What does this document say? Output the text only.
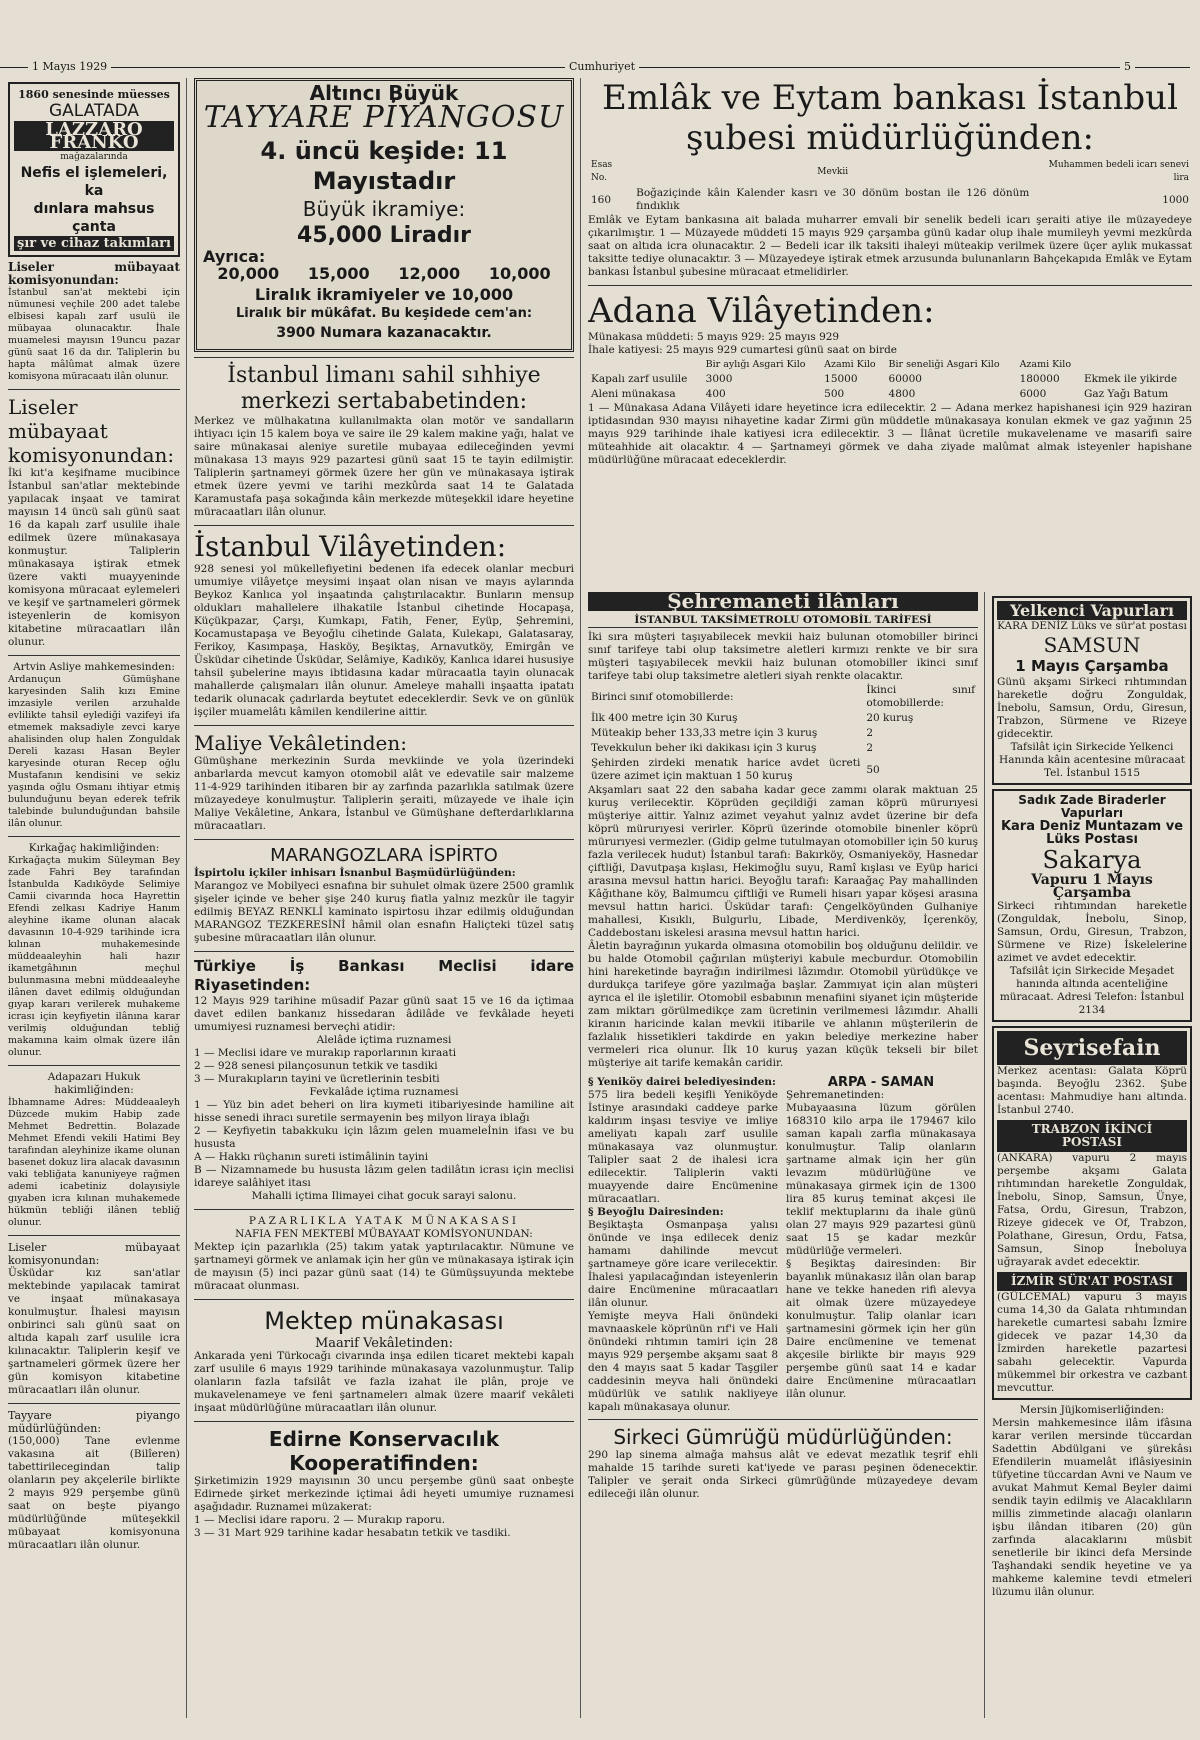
1 Mayıs 1929	Cumhuriyet	5
1860 senesinde müesses
GALATADA
LAZZARO FRANKO
mağazalarında
Nefis el işlemeleri, ka
dınlara mahsus çanta
şır ve cihaz takımları
Liseler mübayaat komisyonundan:
İstanbul san'at mektebi için nümunesi veçhile 200 adet talebe elbisesi kapalı zarf usulü ile mübayaa olunacaktır. İhale muamelesi mayısın 19uncu pazar günü saat 16 da dır. Taliplerin bu hapta mâlûmat almak üzere komisyona müracaatı ilân olunur.
Liseler mübayaat komisyonundan:
İki kıt'a keşifname mucibince İstanbul san'atlar mektebinde yapılacak inşaat ve tamirat mayısın 14 üncü salı günü saat 16 da kapalı zarf usulile ihale edilmek üzere münakasaya konmuştur. Taliplerin münakasaya iştirak etmek üzere vakti muayyeninde komisyona müracaat eylemeleri ve keşif ve şartnameleri görmek isteyenlerin de komisyon kitabetine müracaatları ilân olunur.
Artvin Asliye mahkemesinden:
Ardanuçun Gümüşhane karyesinden Salih kızı Emine imzasiyle verilen arzuhalde evlilikte tahsil eylediği vazifeyi ifa etmemek maksadiyle zevci karye ahalisinden olup halen Zonguldak Dereli kazası Hasan Beyler karyesinde oturan Recep oğlu Mustafanın kendisini ve sekiz yaşında oğlu Osmanı ihtiyar etmiş bulunduğunu beyan ederek tefrik talebinde bulunduğundan bahsile ilân olunur.
Kırkağaç hakimliğinden:
Kırkağaçta mukim Süleyman Bey zade Fahri Bey tarafından İstanbulda Kadıköyde Selimiye Camii civarında hoca Hayrettin Efendi zelkası Kadriye Hanım aleyhine ikame olunan alacak davasının 10-4-929 tarihinde icra kılınan muhakemesinde müddeaaleyhin hali hazır ikametgâhının meçhul bulunmasına mebni müddeaaleyhe ilânen davet edilmiş olduğundan gıyap kararı verilerek muhakeme icrası için keyfiyetin ilânına karar verilmiş olduğundan tebliğ makamına kaim olmak üzere ilân olunur.
Adapazarı Hukuk hakimliğinden:
İbhamname Adres: Müddeaaleyh Düzcede mukim Habip zade Mehmet Bedrettin. Bolazade Mehmet Efendi vekili Hatimi Bey tarafından aleyhinize ikame olunan basenet dokuz lira alacak davasının vaki tebliğata kanuniyeye rağmen ademi icabetiniz dolayısiyle gıyaben icra kılınan muhakemede hükmün tebliği ilânen tebliğ olunur.
Liseler mübayaat komisyonundan:
Üsküdar kız san'atlar mektebinde yapılacak tamirat ve inşaat münakasaya konulmuştur. İhalesi mayısın onbirinci salı günü saat on altıda kapalı zarf usulile icra kılınacaktır. Taliplerin keşif ve şartnameleri görmek üzere her gün komisyon kitabetine müracaatları ilân olunur.
Tayyare piyango müdürlüğünden:
(150,000) Tane evlenme vakasına ait (Bilîeren) tabettirilecegindan talip olanların pey akçelerile birlikte 2 mayıs 929 perşembe günü saat on beşte piyango müdürlüğünde müteşekkil mübayaat komisyonuna müracaatları ilân olunur.
Altıncı Büyük
TAYYARE PİYANGOSU
4. üncü keşide: 11 Mayıstadır
Büyük ikramiye:
45,000 Liradır
Ayrıca:
20,000 15,000 12,000 10,000
Liralık ikramiyeler ve 10,000
Liralık bir mükâfat. Bu keşidede cem'an:
3900 Numara kazanacaktır.
İstanbul limanı sahil sıhhiye merkezi sertababetinden:
Merkez ve mülhakatına kullanılmakta olan motör ve sandalların ihtiyacı için 15 kalem boya ve saire ile 29 kalem makine yağı, halat ve saire münakasai aleniye suretile mubayaa edileceğinden yevmi münakasa 13 mayıs 929 pazartesi günü saat 15 te tayin edilmiştir. Taliplerin şartnameyi görmek üzere her gün ve münakasaya iştirak etmek üzere yevmi ve tarihi mezkûrda saat 14 te Galatada Karamustafa paşa sokağında kâin merkezde müteşekkil idare heyetine müracaatları ilân olunur.
İstanbul Vilâyetinden:
928 senesi yol mükellefiyetini bedenen ifa edecek olanlar mecburi umumiye vilâyetçe meysimi inşaat olan nisan ve mayıs aylarında Beykoz Kanlıca yol inşaatında çalıştırılacaktır. Bunların mensup oldukları mahallelere ilhakatile İstanbul cihetinde Hocapaşa, Küçükpazar, Çarşı, Kumkapı, Fatih, Fener, Eyüp, Şehremini, Kocamustapaşa ve Beyoğlu cihetinde Galata, Kulekapı, Galatasaray, Ferikoy, Kasımpaşa, Hasköy, Beşiktaş, Arnavutköy, Emirgân ve Üsküdar cihetinde Üsküdar, Selâmiye, Kadıköy, Kanlıca idarei hususiye tahsil şubelerine mayıs ibtidasına kadar müracaatla tayin olunacak mahallerde çalışmaları ilân olunur. Ameleye mahalli inşaatta ipatatı tedarik olunacak çadırlarda beytutet edeceklerdir. Sevk ve on günlük işçiler muamelâtı kâmilen kendilerine aittir.
Maliye Vekâletinden:
Gümüşhane merkezinin Surda mevkiinde ve yola üzerindeki anbarlarda mevcut kamyon otomobil alât ve edevatile sair malzeme 11-4-929 tarihinden itibaren bir ay zarfında pazarlıkla satılmak üzere müzayedeye konulmuştur. Taliplerin şeraiti, müzayede ve ihale için Maliye Vekâletine, Ankara, İstanbul ve Gümüşhane defterdarlıklarına müracaatları.
MARANGOZLARA İSPİRTO
İspirtolu içkiler inhisarı İsnanbul Başmüdürlüğünden:
Marangoz ve Mobilyeci esnafına bir suhulet olmak üzere 2500 gramlık şişeler içinde ve beher şişe 240 kuruş fiatla yalnız mezkûr ile tagyir edilmiş BEYAZ RENKLİ kaminato ispirtosu ihzar edilmiş olduğundan MARANGOZ TEZKERESİNİ hâmil olan esnafın Haliçteki tüzel satış şubesine müracaatları ilân olunur.
Türkiye İş Bankası Meclisi idare Riyasetinden:
12 Mayıs 929 tarihine müsadif Pazar günü saat 15 ve 16 da içtimaa davet edilen bankanız hissedaran âdilâde ve fevkâlade heyeti umumiyesi ruznamesi berveçhi atidir:
Alelâde içtima ruznamesi
1 — Meclisi idare ve murakıp raporlarının kıraati
2 — 928 senesi pilançosunun tetkik ve tasdiki
3 — Murakıpların tayini ve ücretlerinin tesbiti
Fevkalâde içtima ruznamesi
1 — Yüz bin adet beheri on lira kıymeti itibariyesinde hamiline ait hisse senedi ihracı suretile sermayenin beş milyon liraya iblağı
2 — Keyfiyetin tabakkuku için lâzım gelen muameleİnin ifası ve bu hususta
A — Hakkı rüçhanın sureti istimâlinin tayini
B — Nizamnamede bu hususta lâzım gelen tadilâtın icrası için meclisi idareye salâhiyet itası
Mahalli içtima Ilimayei cihat gocuk sarayi salonu.
PAZARLIKLA YATAK MÜNAKASASI
NAFIA FEN MEKTEBİ MÜBAYAAT KOMİSYONUNDAN:
Mektep için pazarlıkla (25) takım yatak yaptırılacaktır. Nümune ve şartnameyi görmek ve anlamak için her gün ve münakasaya iştirak için de mayısın (5) inci pazar günü saat (14) te Gümüşsuyunda mektebe müracaat olunması.
Mektep münakasası
Maarif Vekâletinden:
Ankarada yeni Türkocağı civarında inşa edilen ticaret mektebi kapalı zarf usulile 6 mayıs 1929 tarihinde münakasaya vazolunmuştur. Talip olanların fazla tafsilât ve fazla izahat ile plân, proje ve mukavelenameye ve feni şartnamelerı almak üzere maarif vekâleti inşaat müdürlüğüne müracaatları ilân olunur.
Edirne Konservacılık Kooperatifinden:
Şirketimizin 1929 mayısının 30 uncu perşembe günü saat onbeşte Edirnede şirket merkezinde içtimai âdi heyeti umumiye ruznamesi aşağıdadır. Ruznamei müzakerat:
1 — Meclisi idare raporu. 2 — Murakıp raporu.
3 — 31 Mart 929 tarihine kadar hesabatın tetkik ve tasdiki.
Emlâk ve Eytam bankası İstanbul şubesi müdürlüğünden:
Esas No.	Mevkii	Muhammen bedeli icarı senevi lira
160	Boğaziçinde kâin Kalender kasrı ve 30 dönüm bostan ile 126 dönüm fındıklık	1000
Emlâk ve Eytam bankasına ait balada muharrer emvali bir senelik bedeli icarı şeraiti atiye ile müzayedeye çıkarılmıştır. 1 — Müzayede müddeti 15 mayıs 929 çarşamba günü kadar olup ihale mumileyh yevmi mezkûrda saat on altıda icra olunacaktır. 2 — Bedeli icar ilk taksiti ihaleyi müteakip verilmek üzere üçer aylık mukassat taksitte tediye olunacaktır. 3 — Müzayedeye iştirak etmek arzusunda bulunanların Bahçekapıda Emlâk ve Eytam bankası İstanbul şubesine müracaat etmelidirler.
Adana Vilâyetinden:
Münakasa müddeti: 5 mayıs 929: 25 mayıs 929
İhale katiyesi: 25 mayıs 929 cumartesi günü saat on birde
	Bir aylığı Asgari Kilo	Azami Kilo	Bir seneliği Asgari Kilo	Azami Kilo	
Kapalı zarf usulile	3000	15000	60000	180000	Ekmek ile yikirde
Aleni münakasa	400	500	4800	6000	Gaz Yağı Batum
1 — Münakasa Adana Vilâyeti idare heyetince icra edilecektir. 2 — Adana merkez hapishanesi için 929 haziran iptidasından 930 mayısı nihayetine kadar Zirmi gün müddetle münakasaya konulan ekmek ve gaz yağının 25 mayıs 929 tarihinde ihale katiyesi icra edilecektir. 3 — İlânat ücretile mukavelename ve masarifi saire müteahhide ait olacaktır. 4 — Şartnameyi görmek ve daha ziyade malûmat almak isteyenler hapishane müdürlüğüne müracaat edeceklerdir.
Şehremaneti ilânları
İSTANBUL TAKSİMETROLU OTOMOBİL TARİFESİ
İki sıra müşteri taşıyabilecek mevkii haiz bulunan otomobiller birinci sınıf tarifeye tabi olup taksimetre aletleri kırmızı renkte ve bir sıra müşteri taşıyabilecek mevkii haiz bulunan otomobiller ikinci sınıf tarifeye tabi olup taksimetre aletleri siyah renkte olacaktır.
Birinci sınıf otomobillerde:	İkinci sınıf otomobillerde:
İlk 400 metre için 30 Kuruş	20 kuruş
Müteakip beher 133,33 metre için 3 kuruş	2
Tevekkulun beher iki dakikası için 3 kuruş	2
Şehirden zirdeki menatık harice avdet ücreti üzere azimet için maktuan 1 50 kuruş	50
Akşamları saat 22 den sabaha kadar gece zammı olarak maktuan 25 kuruş verilecektir. Köprüden geçildiği zaman köprü mürurıyesi müşteriye aittir. Yalnız azimet veyahut yalnız avdet üzerine bir defa köprü mürurıyesi verirler. Köprü üzerinde otomobile binenler köprü mürurıyesi vermezler. (Gidip gelme tutulmayan otomobiller için 50 kuruş fazla verilecek hudut) İstanbul tarafı: Bakırköy, Osmaniyeköy, Hasnedar çiftliği, Davutpaşa kışlası, Hekimoğlu suyu, Ramî kışlası ve Eyüp harici arasına mevsul hattın harici. Beyoğlu tarafı: Karaağaç Pay mahallinden Kâğıthane köy, Balmumcu çiftliği ve Rumeli hisarı yapar köşesi arasına mevsul hattın harici. Üsküdar tarafı: Çengelköyünden Gulhaniye mahallesi, Kısıklı, Bulgurlu, Libade, Merdivenköy, İçerenköy, Caddebostanı iskelesi arasına mevsul hattın harici.
Âletin bayrağının yukarda olmasına otomobilin boş olduğunu delildir. ve bu halde Otomobil çağırılan müşteriyi kabule mecburdur. Otomobilin hini hareketinde bayrağın indirilmesi lâzımdır. Otomobil yürüdükçe ve durdukça tarifeye göre yazılmağa başlar. Zammıyat için alan müşteri ayrıca el ile işletilir. Otomobil esbabının menafiini siyanet için müşteride zam miktarı görülmedikçe zam ücretinin verilmemesi lâzımdır. Ahalli kiranın haricinde kalan mevkii itibarile ve ahlanın müşterilerin de fazlalık hissetikleri takdirde en yakın belediye merkezine haber vermeleri rica olunur. İlk 10 kuruş yazan küçük tekseli bir bilet müşteriye ait tarife kemakân caridir.
§ Yeniköy dairei belediyesinden:
575 lira bedeli keşifli Yeniköyde İstinye arasındaki caddeye parke kaldırım inşası tesviye ve imliye ameliyatı kapalı zarf usulile münakasaya vaz olunmuştur. Talipler saat 2 de ihalesi icra edilecektir. Taliplerin vakti muayyende daire Encümenine müracaatları.
§ Beyoğlu Dairesinden:
Beşiktaşta Osmanpaşa yalısı önünde ve inşa edilecek deniz hamamı dahilinde mevcut şartnameye göre icare verilecektir. İhalesi yapılacağından isteyenlerin daire Encümenine müracaatları ilân olunur.
Yemişte meyva Hali önündeki mavnaaskele köprünün rıf'i ve Hali önündeki rıhtımın tamiri için 28 mayıs 929 perşembe akşamı saat 8 den 4 mayıs saat 5 kadar Taşgiler caddesinin meyva hali önündeki müdürlük ve satılık nakliyeye kapalı münakasaya olunur.
ARPA - SAMAN
Şehremanetinden:
Mubayaasına lüzum görülen 168310 kilo arpa ile 179467 kilo saman kapalı zarfla münakasaya konulmuştur. Talip olanların şartname almak için her gün levazım müdürlüğüne ve münakasaya girmek için de 1300 lira 85 kuruş teminat akçesi ile teklif mektuplarını da ihale günü olan 27 mayıs 929 pazartesi günü saat 15 şe kadar mezkûr müdürlüğe vermeleri.
§ Beşiktaş dairesinden: Bir bayanlık münakasız ilân olan barap hane ve tekke haneden rifi alevya ait olmak üzere müzayedeye konulmuştur. Talip olanlar icarı şartnamesini görmek için her gün Daire encümenine ve temenat akçesile birlikte bir mayıs 929 perşembe günü saat 14 e kadar daire Encümenine müracaatları ilân olunur.
Sirkeci Gümrüğü müdürlüğünden:
290 lap sinema almağa mahsus alât ve edevat mezatlık teşrif ehli mahalde 15 tarihde sureti kat'iyede ve parası peşinen ödenecektir. Talipler ve şerait onda Sirkeci gümrüğünde müzayedeye devam edileceği ilân olunur.
Yelkenci Vapurları
KARA DENİZ Lüks ve sür'at postası
SAMSUN
1 Mayıs Çarşamba
Günü akşamı Sirkeci rıhtımından hareketle doğru Zonguldak, İnebolu, Samsun, Ordu, Giresun, Trabzon, Sürmene ve Rizeye gidecektir.
Tafsilât için Sirkecide Yelkenci Hanında kâin acentesine müracaat Tel. İstanbul 1515
Sadık Zade Biraderler Vapurları
Kara Deniz Muntazam ve Lüks Postası
Sakarya
Vapuru 1 Mayıs Çarşamba
Sirkeci rıhtımından hareketle (Zonguldak, İnebolu, Sinop, Samsun, Ordu, Giresun, Trabzon, Sürmene ve Rize) İskelelerine azimet ve avdet edecektir.
Tafsilât için Sirkecide Meşadet hanında altında acenteliğine müracaat. Adresi Telefon: İstanbul 2134
Seyrisefain
Merkez acentası: Galata Köprü başında. Beyoğlu 2362. Şube acentası: Mahmudiye hanı altında. İstanbul 2740.
TRABZON İKİNCİ POSTASI
(ANKARA) vapuru 2 mayıs perşembe akşamı Galata rıhtımından hareketle Zonguldak, İnebolu, Sinop, Samsun, Ünye, Fatsa, Ordu, Giresun, Trabzon, Rizeye gidecek ve Of, Trabzon, Polathane, Giresun, Ordu, Fatsa, Samsun, Sinop İneboluya uğrayarak avdet edecektir.
İZMİR SÜR'AT POSTASI
(GÜLCEMAL) vapuru 3 mayıs cuma 14,30 da Galata rıhtımından hareketle cumartesi sabahı İzmire gidecek ve pazar 14,30 da İzmirden hareketle pazartesi sabahı gelecektir. Vapurda mükemmel bir orkestra ve cazbant mevcuttur.
Mersin Jüjkomiserliğinden:
Mersin mahkemesince ilâm ifâsına karar verilen mersinde tüccardan Sadettin Abdülgani ve şürekâsı Efendilerin muamelât iflâsiyesinin tüfyetine tüccardan Avni ve Naum ve avukat Mahmut Kemal Beyler daimi sendik tayin edilmiş ve Alacaklıların millis zimmetinde alacağı olanların işbu ilândan itibaren (20) gün zarfında alacaklarını müsbit senetlerile bir ikinci defa Mersinde Taşhandaki sendik heyetine ve ya mahkeme kalemine tevdi etmeleri lüzumu ilân olunur.
